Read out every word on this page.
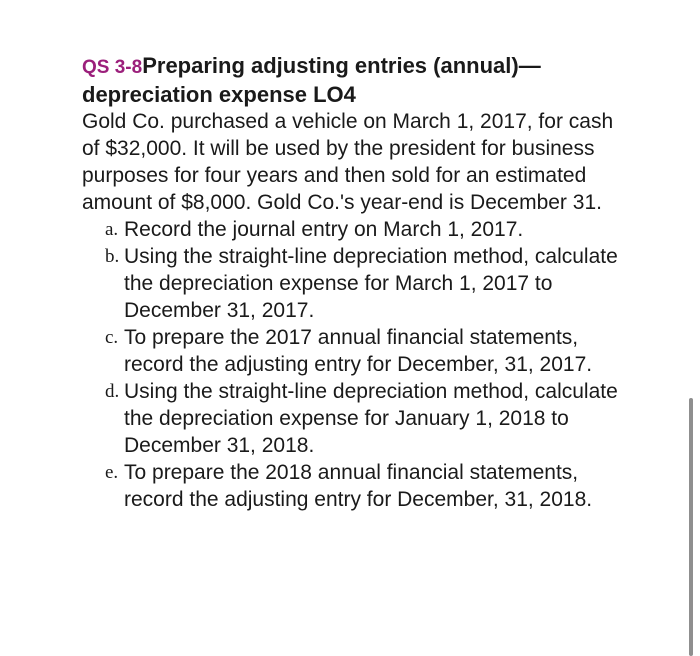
QS 3-8Preparing adjusting entries (annual)—depreciation expense LO4

Gold Co. purchased a vehicle on March 1, 2017, for cash of $32,000. It will be used by the president for business purposes for four years and then sold for an estimated amount of $8,000. Gold Co.'s year-end is December 31.

a. Record the journal entry on March 1, 2017.
b. Using the straight-line depreciation method, calculate the depreciation expense for March 1, 2017 to December 31, 2017.
c. To prepare the 2017 annual financial statements, record the adjusting entry for December, 31, 2017.
d. Using the straight-line depreciation method, calculate the depreciation expense for January 1, 2018 to December 31, 2018.
e. To prepare the 2018 annual financial statements, record the adjusting entry for December, 31, 2018.
